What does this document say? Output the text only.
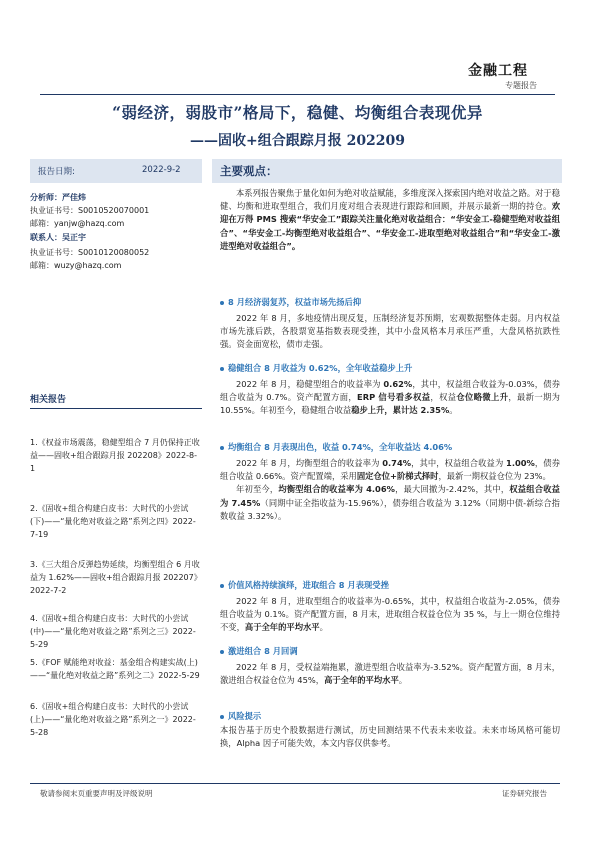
金融工程
专题报告
“弱经济，弱股市”格局下，稳健、均衡组合表现优异
——固收+组合跟踪月报 202209
报告日期:	2022-9-2
分析师：严佳炜
执业证书号：S0010520070001
邮箱：yanjw@hazq.com
联系人：吴正宇
执业证书号：S0010120080052
邮箱：wuzy@hazq.com
相关报告
1.《权益市场震荡，稳健型组合 7 月仍保持正收益——固收+组合跟踪月报 202208》2022-8-1
2.《固收+组合构建白皮书：大时代的小尝试(下)——“量化绝对收益之路”系列之四》2022-7-19
3.《三大组合反弹趋势延续，均衡型组合 6 月收益为 1.62%——固收+组合跟踪月报 202207》2022-7-2
4.《固收+组合构建白皮书：大时代的小尝试(中)——“量化绝对收益之路”系列之三》2022-5-29
5.《FOF 赋能绝对收益：基金组合构建实战(上)——“量化绝对收益之路”系列之二》2022-5-29
6.《固收+组合构建白皮书：大时代的小尝试(上)——“量化绝对收益之路”系列之一》2022-5-28
主要观点：

本系列报告聚焦于量化如何为绝对收益赋能，多维度深入探索国内绝对收益之路。对于稳健、均衡和进取型组合，我们月度对组合表现进行跟踪和回顾，并展示最新一期的持仓。欢迎在万得 PMS 搜索“华安金工”跟踪关注量化绝对收益组合：“华安金工-稳健型绝对收益组合”、“华安金工-均衡型绝对收益组合”、“华安金工-进取型绝对收益组合”和“华安金工-激进型绝对收益组合”。

8 月经济弱复苏，权益市场先扬后抑

2022 年 8 月，多地疫情出现反复，压制经济复苏预期，宏观数据整体走弱。月内权益市场先涨后跌，各股票宽基指数表现受挫，其中小盘风格本月承压严重，大盘风格抗跌性强。资金面宽松，债市走强。

稳健组合 8 月收益为 0.62%，全年收益稳步上升

2022 年 8 月，稳健型组合的收益率为 0.62%，其中，权益组合收益为-0.03%，债券组合收益为 0.7%。资产配置方面，ERP 信号看多权益，权益仓位略微上升，最新一期为 10.55%。年初至今，稳健组合收益稳步上升，累计达 2.35%。

均衡组合 8 月表现出色，收益 0.74%，全年收益达 4.06%

2022 年 8 月，均衡型组合的收益率为 0.74%，其中，权益组合收益为 1.00%，债券组合收益 0.66%。资产配置端，采用固定仓位+阶梯式择时，最新一期权益仓位为 23%。

年初至今，均衡型组合的收益率为 4.06%，最大回撤为-2.42%，其中，权益组合收益为 7.45%（同期中证全指收益为-15.96%），债券组合收益为 3.12%（同期中债-新综合指数收益 3.32%）。

价值风格持续演绎，进取组合 8 月表现受挫

2022 年 8 月，进取型组合的收益率为-0.65%，其中，权益组合收益为-2.05%，债券组合收益为 0.1%。资产配置方面，8 月末，进取组合权益仓位为 35 %，与上一期仓位维持不变，高于全年的平均水平。

激进组合 8 月回调

2022 年 8 月，受权益端拖累，激进型组合收益率为-3.52%。资产配置方面，8 月末，激进组合权益仓位为 45%，高于全年的平均水平。

风险提示

本报告基于历史个股数据进行测试，历史回测结果不代表未来收益。未来市场风格可能切换，Alpha 因子可能失效，本文内容仅供参考。

敬请参阅末页重要声明及评级说明	证券研究报告
